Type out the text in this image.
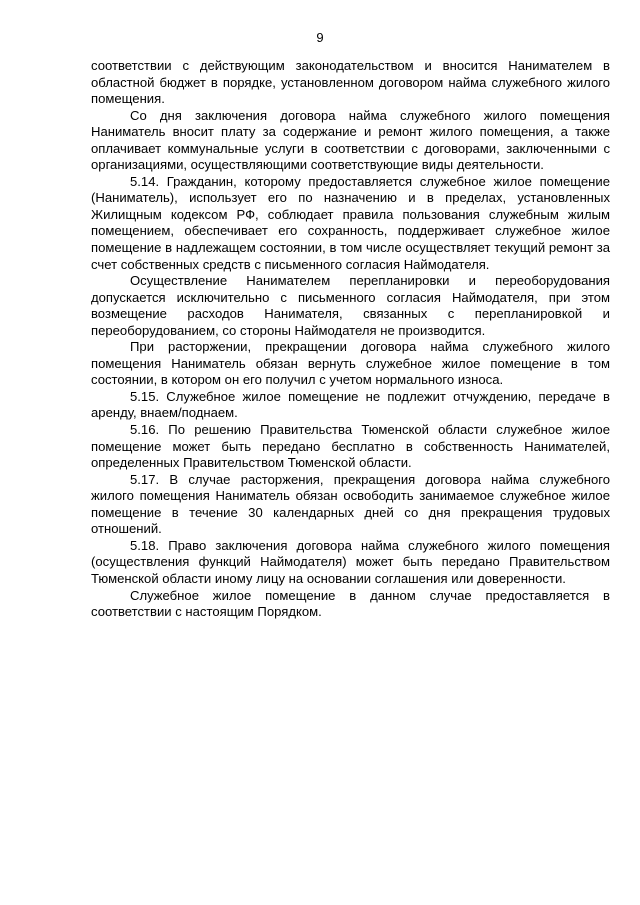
9

соответствии с действующим законодательством и вносится Нанимателем в областной бюджет в порядке, установленном договором найма служебного жилого помещения.

Со дня заключения договора найма служебного жилого помещения Наниматель вносит плату за содержание и ремонт жилого помещения, а также оплачивает коммунальные услуги в соответствии с договорами, заключенными с организациями, осуществляющими соответствующие виды деятельности.

5.14. Гражданин, которому предоставляется служебное жилое помещение (Наниматель), использует его по назначению и в пределах, установленных Жилищным кодексом РФ, соблюдает правила пользования служебным жилым помещением, обеспечивает его сохранность, поддерживает служебное жилое помещение в надлежащем состоянии, в том числе осуществляет текущий ремонт за счет собственных средств с письменного согласия Наймодателя.

Осуществление Нанимателем перепланировки и переоборудования допускается исключительно с письменного согласия Наймодателя, при этом возмещение расходов Нанимателя, связанных с перепланировкой и переоборудованием, со стороны Наймодателя не производится.

При расторжении, прекращении договора найма служебного жилого помещения Наниматель обязан вернуть служебное жилое помещение в том состоянии, в котором он его получил с учетом нормального износа.

5.15. Служебное жилое помещение не подлежит отчуждению, передаче в аренду, внаем/поднаем.

5.16. По решению Правительства Тюменской области служебное жилое помещение может быть передано бесплатно в собственность Нанимателей, определенных Правительством Тюменской области.

5.17. В случае расторжения, прекращения договора найма служебного жилого помещения Наниматель обязан освободить занимаемое служебное жилое помещение в течение 30 календарных дней со дня прекращения трудовых отношений.

5.18. Право заключения договора найма служебного жилого помещения (осуществления функций Наймодателя) может быть передано Правительством Тюменской области иному лицу на основании соглашения или доверенности.

Служебное жилое помещение в данном случае предоставляется в соответствии с настоящим Порядком.
